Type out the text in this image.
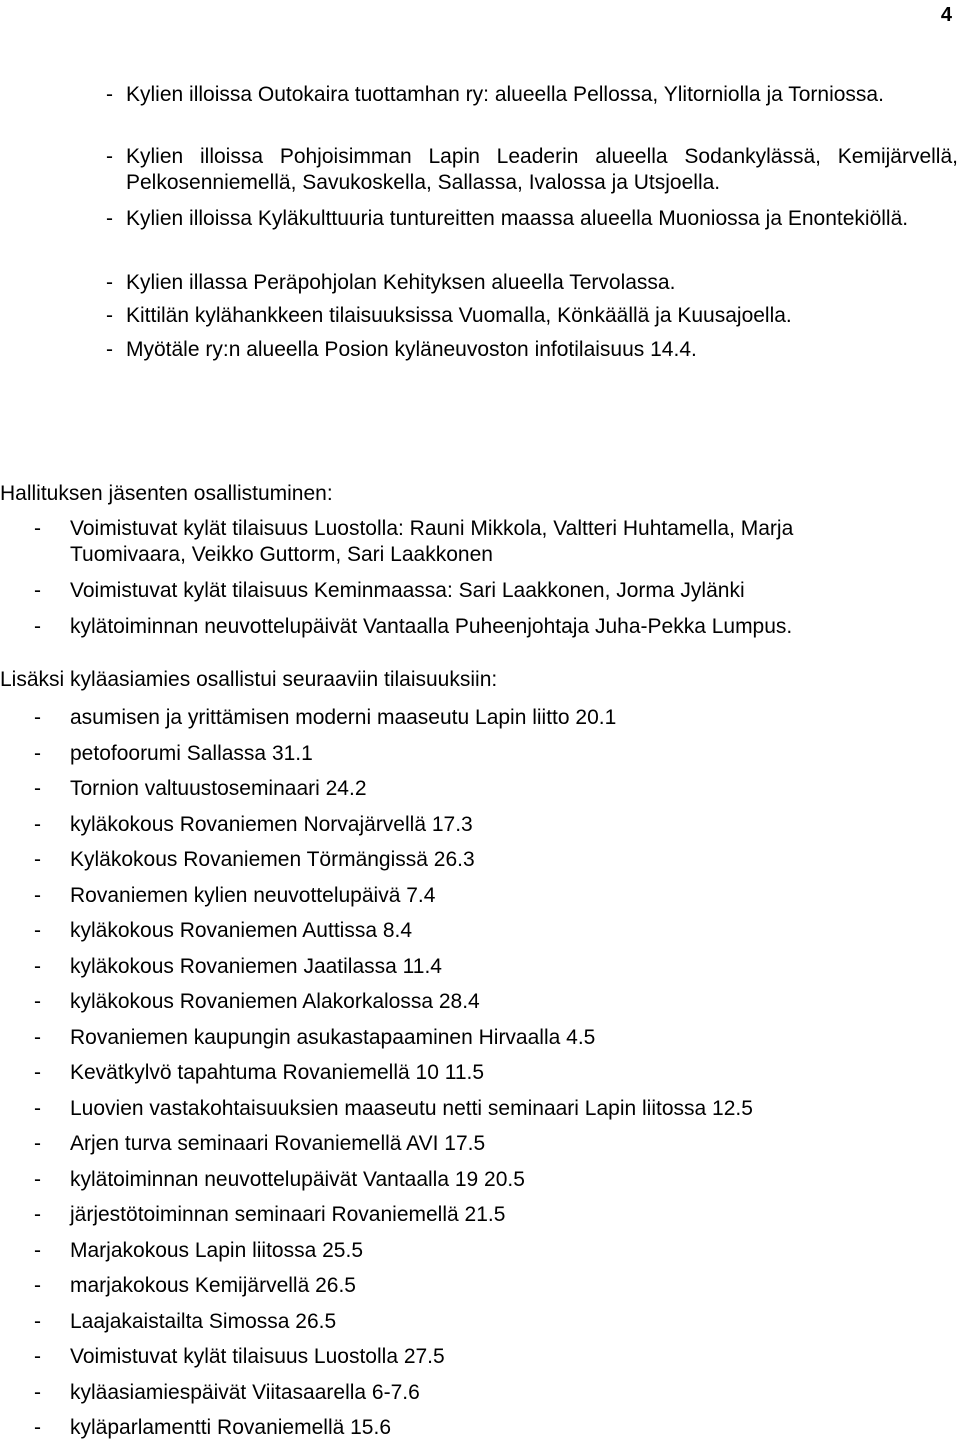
4
- Kylien illoissa Outokaira tuottamhan ry: alueella Pellossa, Ylitorniolla ja Torniossa.
- Kylien illoissa Pohjoisimman Lapin Leaderin alueella Sodankylässä, Kemijärvellä, Pelkosenniemellä, Savukoskella, Sallassa, Ivalossa ja Utsjoella.
- Kylien illoissa Kyläkulttuuria tuntureitten maassa alueella Muoniossa ja Enontekiöllä.
- Kylien illassa Peräpohjolan Kehityksen alueella Tervolassa.
- Kittilän kylähankkeen tilaisuuksissa Vuomalla, Könkäällä ja Kuusajoella.
- Myötäle ry:n alueella Posion kyläneuvoston infotilaisuus 14.4.

Hallituksen jäsenten osallistuminen:

- Voimistuvat kylät tilaisuus Luostolla: Rauni Mikkola, Valtteri Huhtamella, Marja Tuomivaara, Veikko Guttorm, Sari Laakkonen
- Voimistuvat kylät tilaisuus Keminmaassa: Sari Laakkonen, Jorma Jylänki
- kylätoiminnan neuvottelupäivät Vantaalla Puheenjohtaja Juha-Pekka Lumpus.

Lisäksi kyläasiamies osallistui seuraaviin tilaisuuksiin:

- asumisen ja yrittämisen moderni maaseutu Lapin liitto 20.1
- petofoorumi Sallassa 31.1
- Tornion valtuustoseminaari 24.2
- kyläkokous Rovaniemen Norvajärvellä 17.3
- Kyläkokous Rovaniemen Törmängissä 26.3
- Rovaniemen kylien neuvottelupäivä 7.4
- kyläkokous Rovaniemen Auttissa 8.4
- kyläkokous Rovaniemen Jaatilassa 11.4
- kyläkokous Rovaniemen Alakorkalossa 28.4
- Rovaniemen kaupungin asukastapaaminen Hirvaalla 4.5
- Kevätkylvö tapahtuma Rovaniemellä 10 11.5
- Luovien vastakohtaisuuksien maaseutu netti seminaari Lapin liitossa 12.5
- Arjen turva seminaari Rovaniemellä AVI 17.5
- kylätoiminnan neuvottelupäivät Vantaalla 19 20.5
- järjestötoiminnan seminaari Rovaniemellä 21.5
- Marjakokous Lapin liitossa 25.5
- marjakokous Kemijärvellä 26.5
- Laajakaistailta Simossa 26.5
- Voimistuvat kylät tilaisuus Luostolla 27.5
- kyläasiamiespäivät Viitasaarella 6-7.6
- kyläparlamentti Rovaniemellä 15.6
